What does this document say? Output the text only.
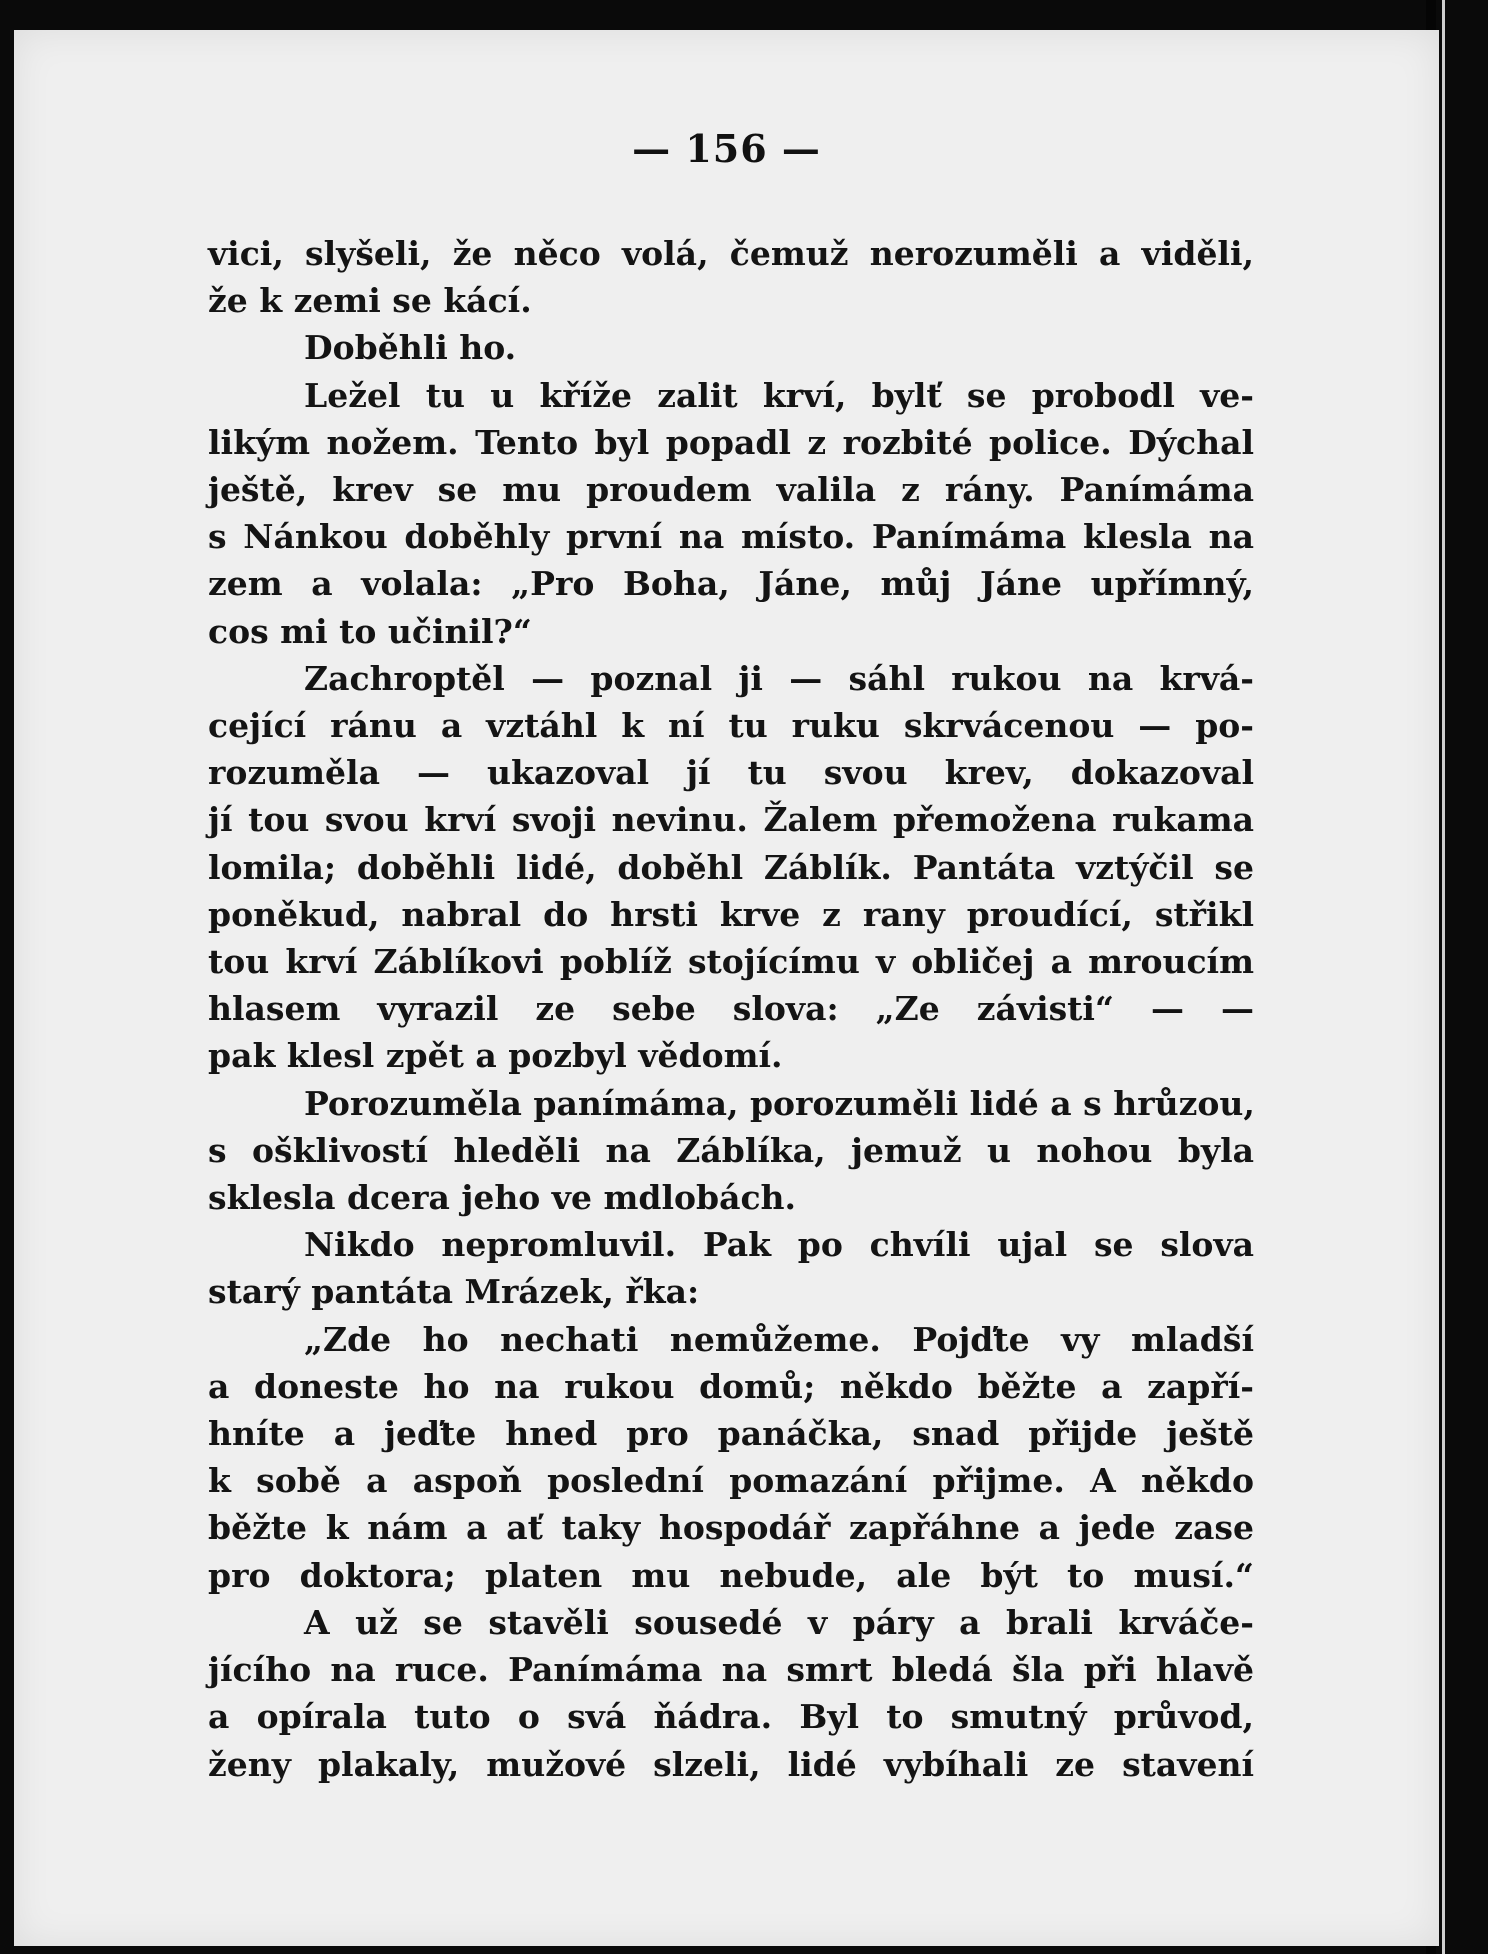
— 156 —
vici, slyšeli, že něco volá, čemuž nerozuměli a viděli,
že k zemi se kácí.
Doběhli ho.
Ležel tu u kříže zalit krví, bylť se probodl ve-
likým nožem. Tento byl popadl z rozbité police. Dýchal
ještě, krev se mu proudem valila z rány. Panímáma
s Nánkou doběhly první na místo. Panímáma klesla na
zem a volala: „Pro Boha, Jáne, můj Jáne upřímný,
cos mi to učinil?“
Zachroptěl — poznal ji — sáhl rukou na krvá-
cející ránu a vztáhl k ní tu ruku skrvácenou — po-
rozuměla — ukazoval jí tu svou krev, dokazoval
jí tou svou krví svoji nevinu. Žalem přemožena rukama
lomila; doběhli lidé, doběhl Záblík. Pantáta vztýčil se
poněkud, nabral do hrsti krve z rany proudící, střikl
tou krví Záblíkovi poblíž stojícímu v obličej a mroucím
hlasem vyrazil ze sebe slova: „Ze závisti“ — —
pak klesl zpět a pozbyl vědomí.
Porozuměla panímáma, porozuměli lidé a s hrůzou,
s ošklivostí hleděli na Záblíka, jemuž u nohou byla
sklesla dcera jeho ve mdlobách.
Nikdo nepromluvil. Pak po chvíli ujal se slova
starý pantáta Mrázek, řka:
„Zde ho nechati nemůžeme. Pojďte vy mladší
a doneste ho na rukou domů; někdo běžte a zapří-
hníte a jeďte hned pro panáčka, snad přijde ještě
k sobě a aspoň poslední pomazání přijme. A někdo
běžte k nám a ať taky hospodář zapřáhne a jede zase
pro doktora; platen mu nebude, ale být to musí.“
A už se stavěli sousedé v páry a brali krváče-
jícího na ruce. Panímáma na smrt bledá šla při hlavě
a opírala tuto o svá ňádra. Byl to smutný průvod,
ženy plakaly, mužové slzeli, lidé vybíhali ze stavení
